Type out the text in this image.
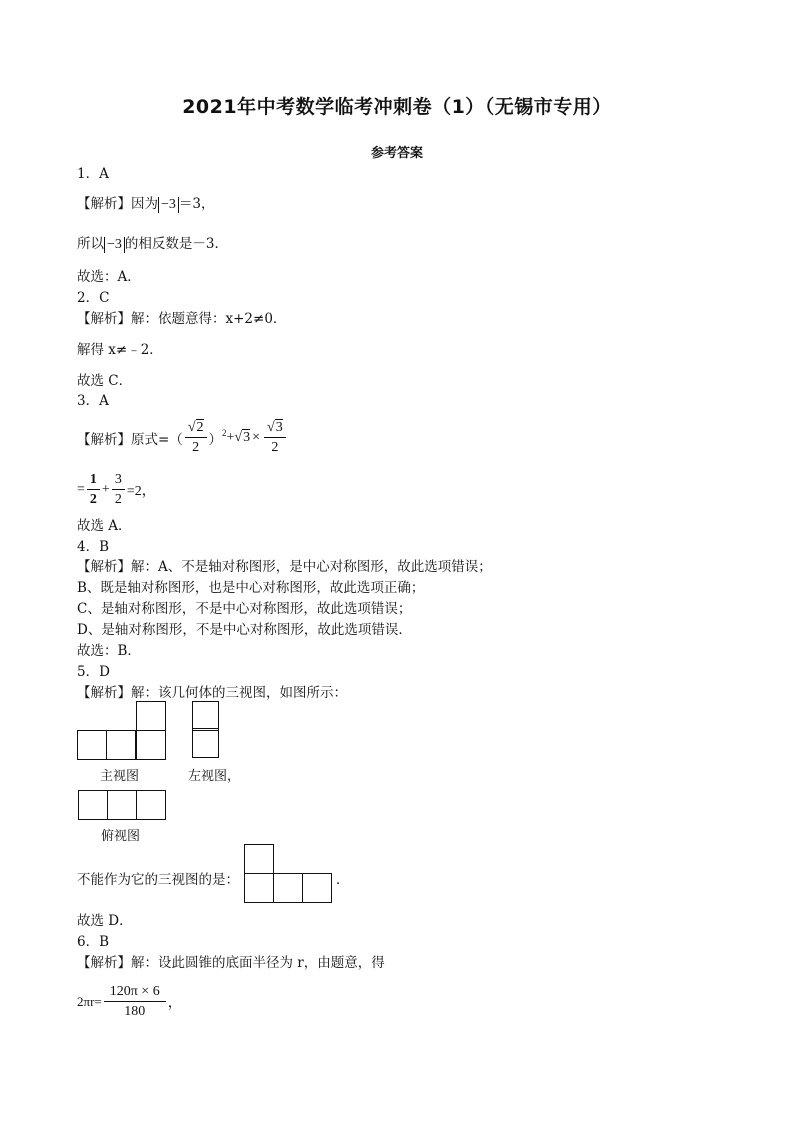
2021年中考数学临考冲刺卷（1）（无锡市专用）
参考答案
1．A
【解析】因为 −3 ＝3，
所以 −3 的相反数是－3．
故选：A．
2．C
【解析】解：依题意得：x+2≠0．
解得 x≠﹣2．
故选 C．
3．A
【解析】原式=（ $\frac{√2}{2} )^2 + √3 \times \frac{√3}{2}$
= $\frac{1}{2} + \frac{3}{2} =2$，
故选 A．
4．B
【解析】解：A、不是轴对称图形，是中心对称图形，故此选项错误；
B、既是轴对称图形，也是中心对称图形，故此选项正确；
C、是轴对称图形，不是中心对称图形，故此选项错误；
D、是轴对称图形，不是中心对称图形，故此选项错误．
故选：B．
5．D
【解析】解：该几何体的三视图，如图所示：
主视图	左视图，
俯视图
不能作为它的三视图的是：	．
故选 D．
6．B
【解析】解：设此圆锥的底面半径为 r，由题意，得
$2\pi r= \frac{120\pi \times 6}{180}$ ，
